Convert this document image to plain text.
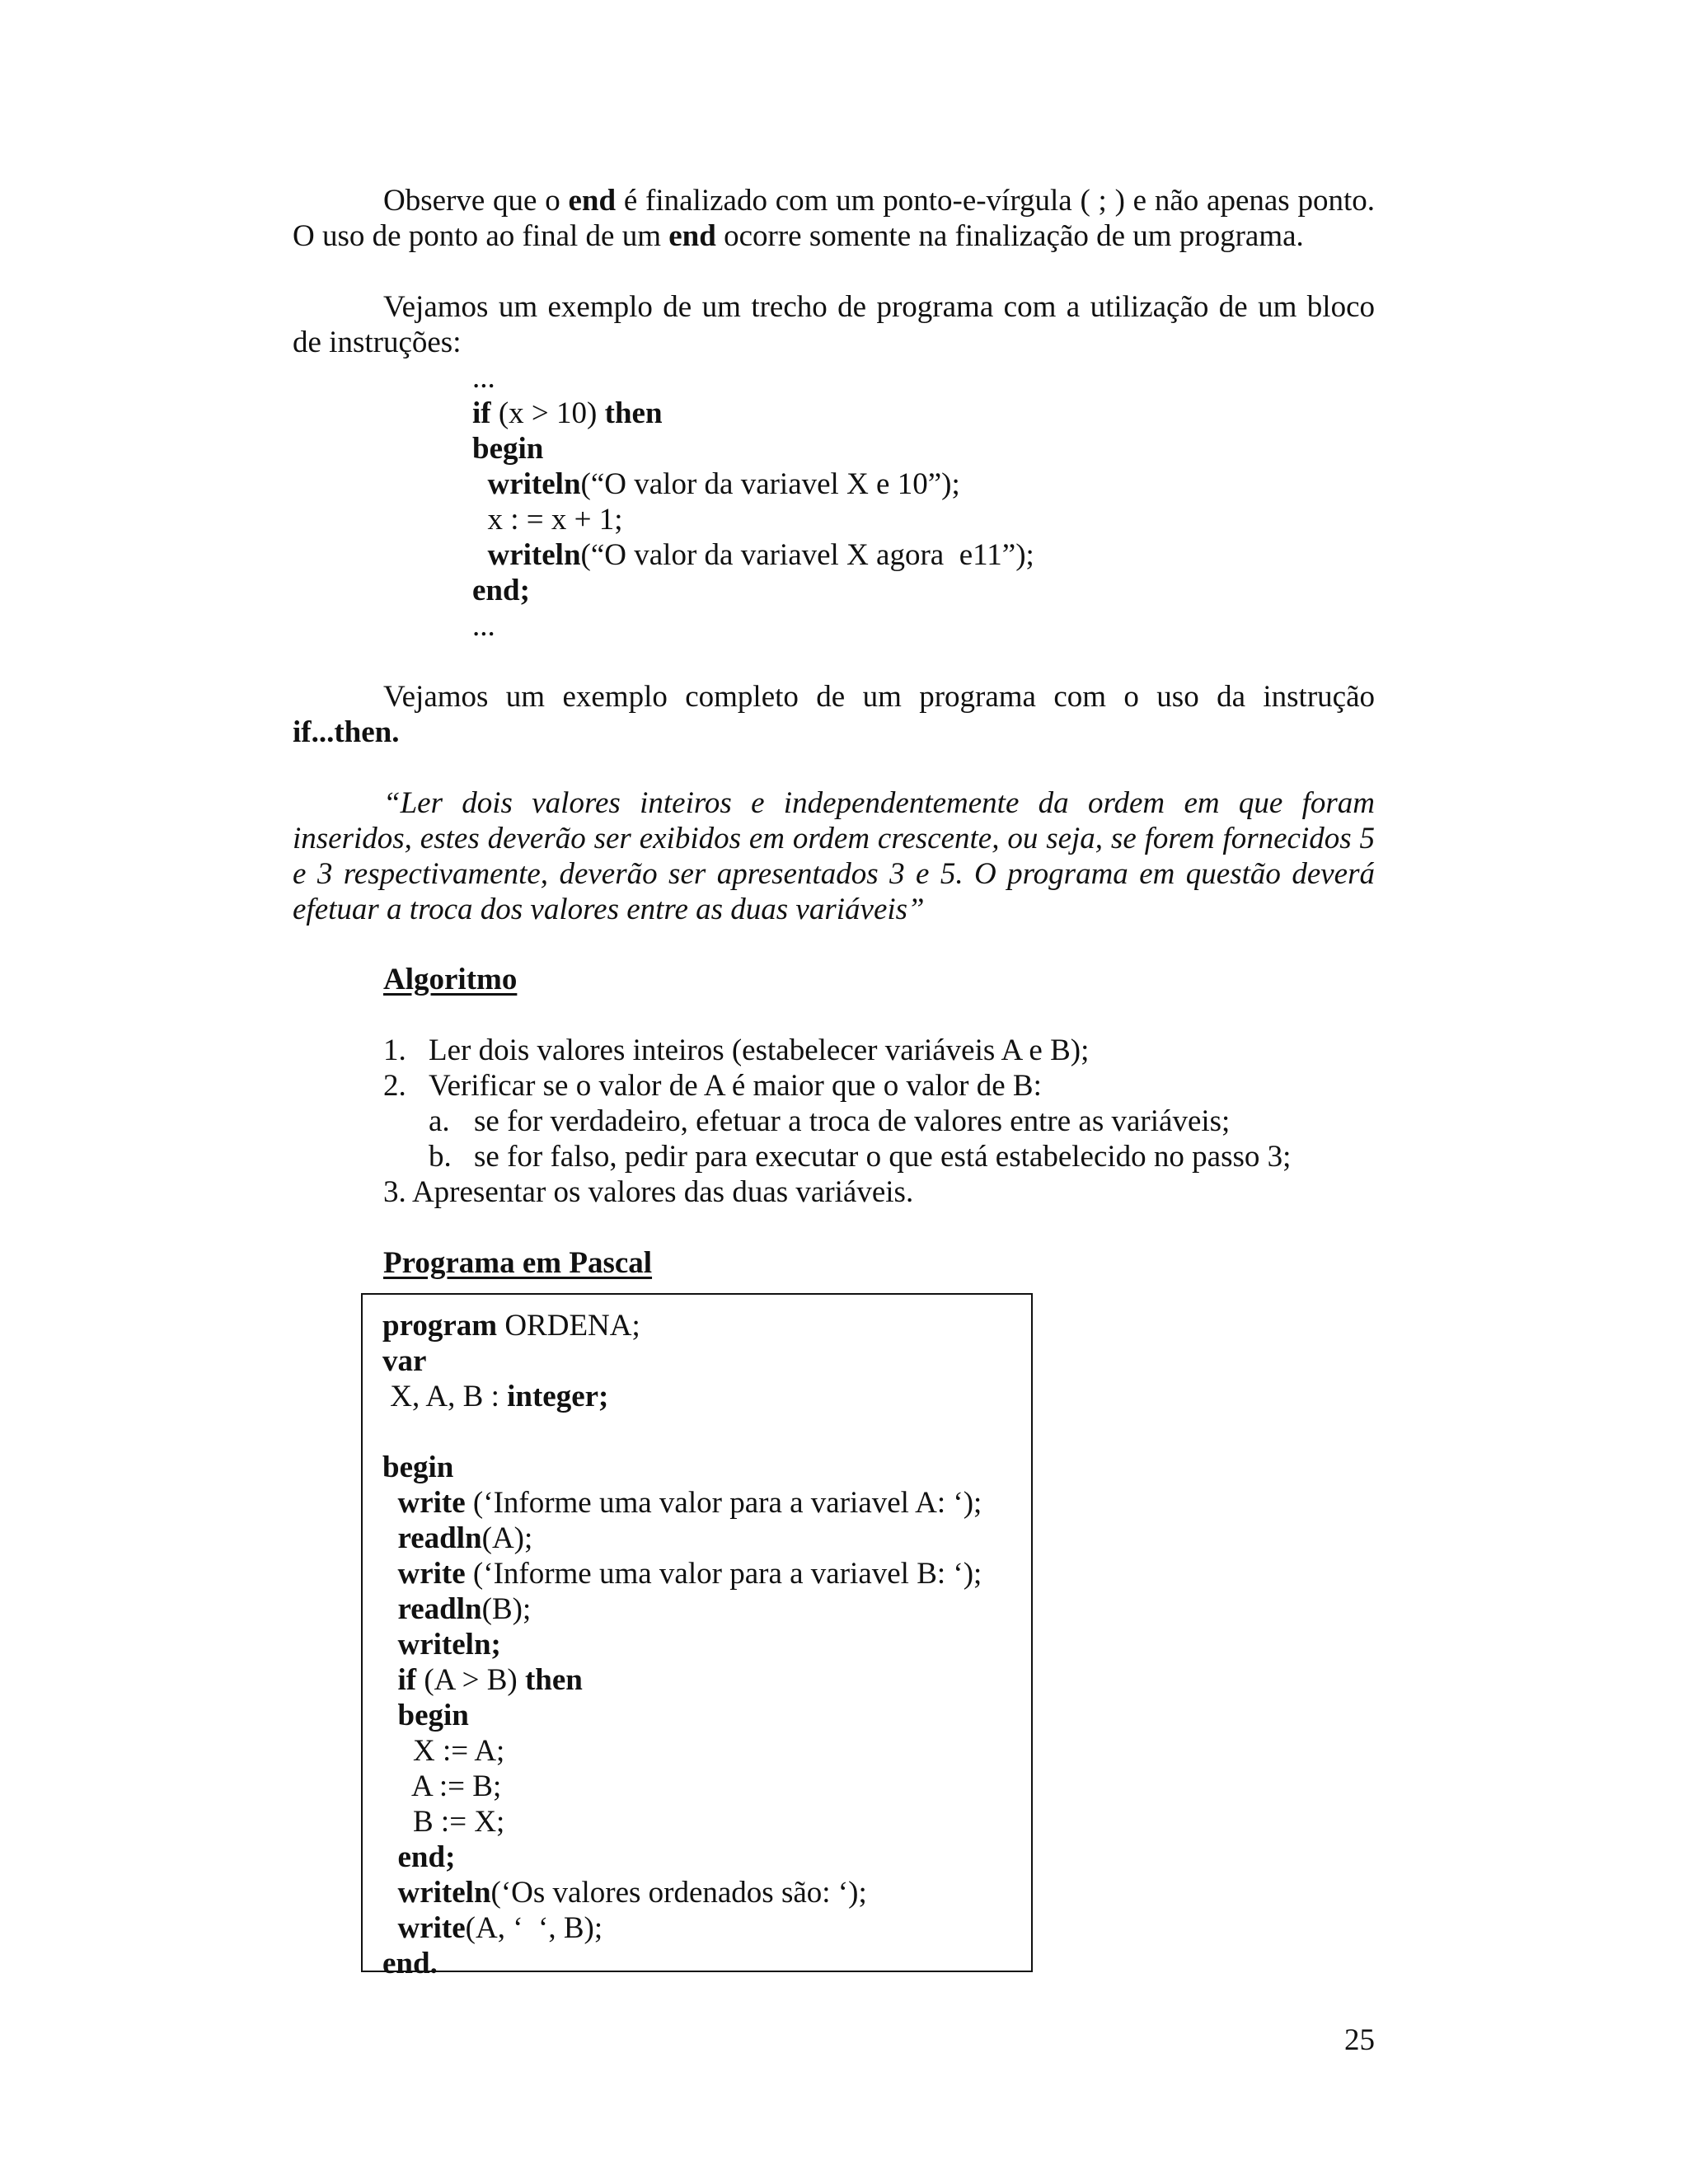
Observe que o end é finalizado com um ponto-e-vírgula ( ; ) e não apenas ponto. O uso de ponto ao final de um end ocorre somente na finalização de um programa.

Vejamos um exemplo de um trecho de programa com a utilização de um bloco de instruções:

...
if (x > 10) then
begin
writeln(“O valor da variavel X e 10”);
x : = x + 1;
writeln(“O valor da variavel X agora  e11”);
end;
...

Vejamos um exemplo completo de um programa com o uso da instrução

if...then.

“Ler dois valores inteiros e independentemente da ordem em que foram inseridos, estes deverão ser exibidos em ordem crescente, ou seja, se forem fornecidos 5 e 3 respectivamente, deverão ser apresentados 3 e 5. O programa em questão deverá efetuar a troca dos valores entre as duas variáveis”

Algoritmo
1. Ler dois valores inteiros (estabelecer variáveis A e B);
2. Verificar se o valor de A é maior que o valor de B:
a. se for verdadeiro, efetuar a troca de valores entre as variáveis;
b. se for falso, pedir para executar o que está estabelecido no passo 3;
3. Apresentar os valores das duas variáveis.
Programa em Pascal
program ORDENA;
var
X, A, B : integer;
begin
write (‘Informe uma valor para a variavel A: ‘);
readln(A);
write (‘Informe uma valor para a variavel B: ‘);
readln(B);
writeln;
if (A > B) then
begin
X := A;
A := B;
B := X;
end;
writeln(‘Os valores ordenados são: ‘);
write(A, ‘  ‘, B);
end.
25
